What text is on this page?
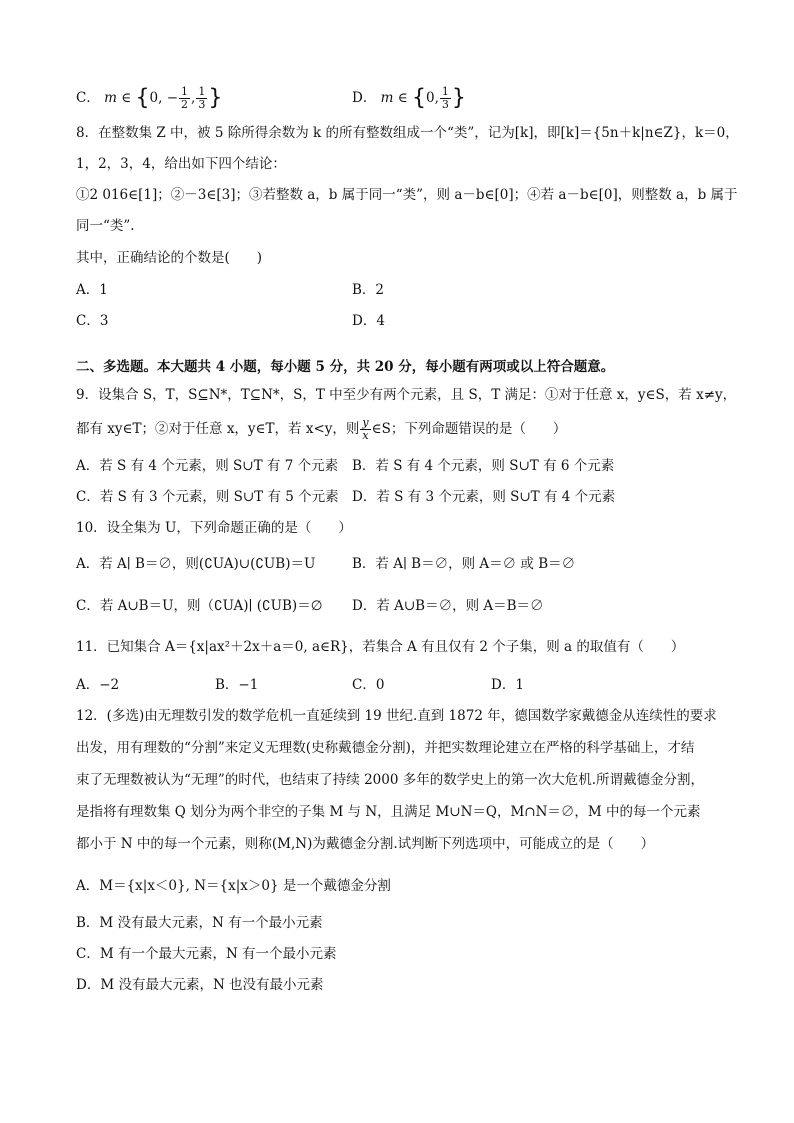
C． m ∈ {0, − $\frac{1}{2}$ , $\frac{1}{3}$ }	D． m ∈ {0, $\frac{1}{3}$ }
8．在整数集 Z 中，被 5 除所得余数为 k 的所有整数组成一个“类”，记为[k]，即[k]＝{5n＋k|n∈Z}，k＝0，
1，2，3，4，给出如下四个结论：
①2 016∈[1]；②－3∈[3]；③若整数 a，b 属于同一“类”，则 a－b∈[0]；④若 a－b∈[0]，则整数 a，b 属于
同一“类”.
其中，正确结论的个数是(　　)
A．1	B．2
C．3	D．4
二、多选题。本大题共 4 小题，每小题 5 分，共 20 分，每小题有两项或以上符合题意。
9．设集合 S，T，S⊆N*，T⊆N*，S，T 中至少有两个元素，且 S，T 满足：①对于任意 x，y∈S，若 x≠y，
都有 xy∈T；②对于任意 x，y∈T，若 x<y，则 $\frac{y}{x}$ ∈S；下列命题错误的是（　　）
A．若 S 有 4 个元素，则 S∪T 有 7 个元素 B．若 S 有 4 个元素，则 S∪T 有 6 个元素
C．若 S 有 3 个元素，则 S∪T 有 5 个元素 D．若 S 有 3 个元素，则 S∪T 有 4 个元素
10．设全集为 U，下列命题正确的是（　　）
A．若 A∣ B＝∅，则(∁UA)∪(∁UB)＝U	B．若 A∣ B＝∅，则 A＝∅ 或 B＝∅
C．若 A∪B＝U，则（∁UA)∣ (∁UB)＝∅ D．若 A∪B＝∅，则 A＝B＝∅
11．已知集合 A＝{x|ax²＋2x＋a＝0, a∈R}，若集合 A 有且仅有 2 个子集，则 a 的取值有（　　）
A．−2	B．−1	C．0	D．1
12．(多选)由无理数引发的数学危机一直延续到 19 世纪.直到 1872 年，德国数学家戴德金从连续性的要求
出发，用有理数的“分割”来定义无理数(史称戴德金分割)，并把实数理论建立在严格的科学基础上，才结
束了无理数被认为“无理”的时代，也结束了持续 2000 多年的数学史上的第一次大危机.所谓戴德金分割，
是指将有理数集 Q 划分为两个非空的子集 M 与 N，且满足 M∪N＝Q，M∩N＝∅，M 中的每一个元素
都小于 N 中的每一个元素，则称(M,N)为戴德金分割.试判断下列选项中，可能成立的是（　　）
A．M＝{x|x＜0}, N＝{x|x＞0} 是一个戴德金分割
B．M 没有最大元素，N 有一个最小元素
C．M 有一个最大元素，N 有一个最小元素
D．M 没有最大元素，N 也没有最小元素
